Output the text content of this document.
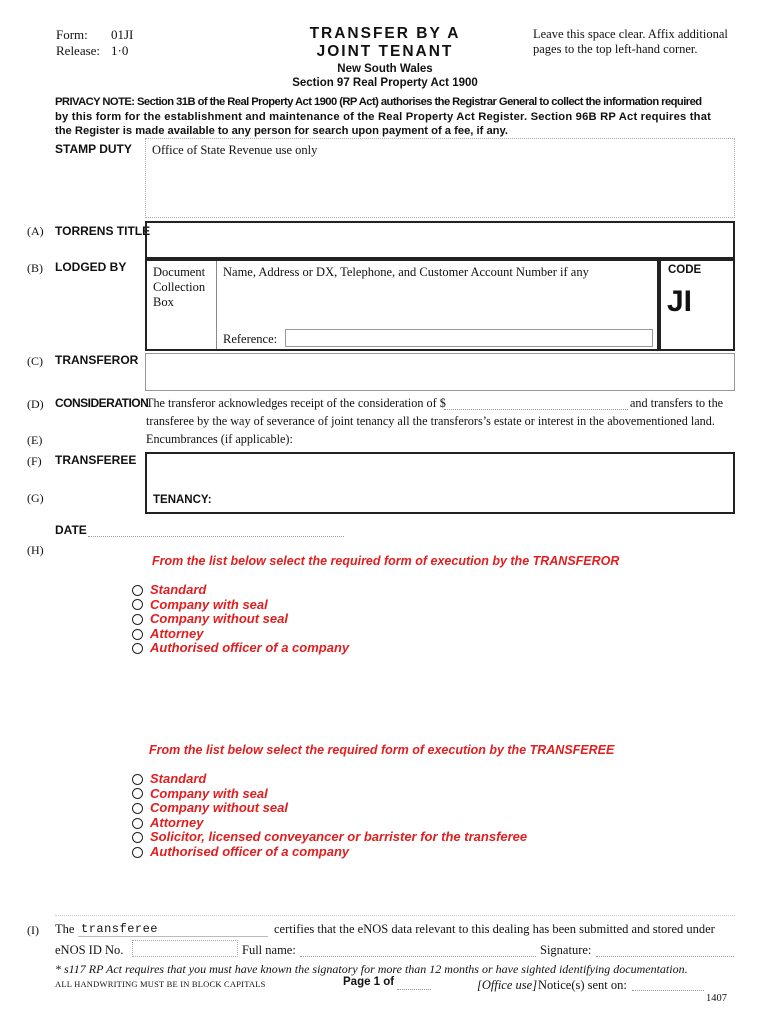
Form: 01JI
Release: 1·0
TRANSFER BY A
JOINT TENANT
New South Wales
Section 97 Real Property Act 1900
Leave this space clear. Affix additional
pages to the top left-hand corner.
PRIVACY NOTE: Section 31B of the Real Property Act 1900 (RP Act) authorises the Registrar General to collect the information required
by this form for the establishment and maintenance of the Real Property Act Register. Section 96B RP Act requires that
the Register is made available to any person for search upon payment of a fee, if any.
STAMP DUTY Office of State Revenue use only
(A) TORRENS TITLE
(B) LODGED BY Document
Collection
Box
Name, Address or DX, Telephone, and Customer Account Number if any
Reference:
CODE
JI
(C) TRANSFEROR
(D) CONSIDERATION
The transferor acknowledges receipt of the consideration of $	and transfers to the
transferee by the way of severance of joint tenancy all the transferors’s estate or interest in the abovementioned land.
(E)	Encumbrances (if applicable):
(F) TRANSFEREE
TENANCY:
(G)
DATE
(H)
From the list below select the required form of execution by the TRANSFEROR
Standard
Company with seal
Company without seal
Attorney
Authorised officer of a company
From the list below select the required form of execution by the TRANSFEREE
Standard
Company with seal
Company without seal
Attorney
Solicitor, licensed conveyancer or barrister for the transferee
Authorised officer of a company
(I) The transferee	certifies that the eNOS data relevant to this dealing has been submitted and stored under
eNOS ID No.	Full name:	Signature:
* s117 RP Act requires that you must have known the signatory for more than 12 months or have sighted identifying documentation.
ALL HANDWRITING MUST BE IN BLOCK CAPITALS	Page 1 of	[Office use] Notice(s) sent on:
1407
